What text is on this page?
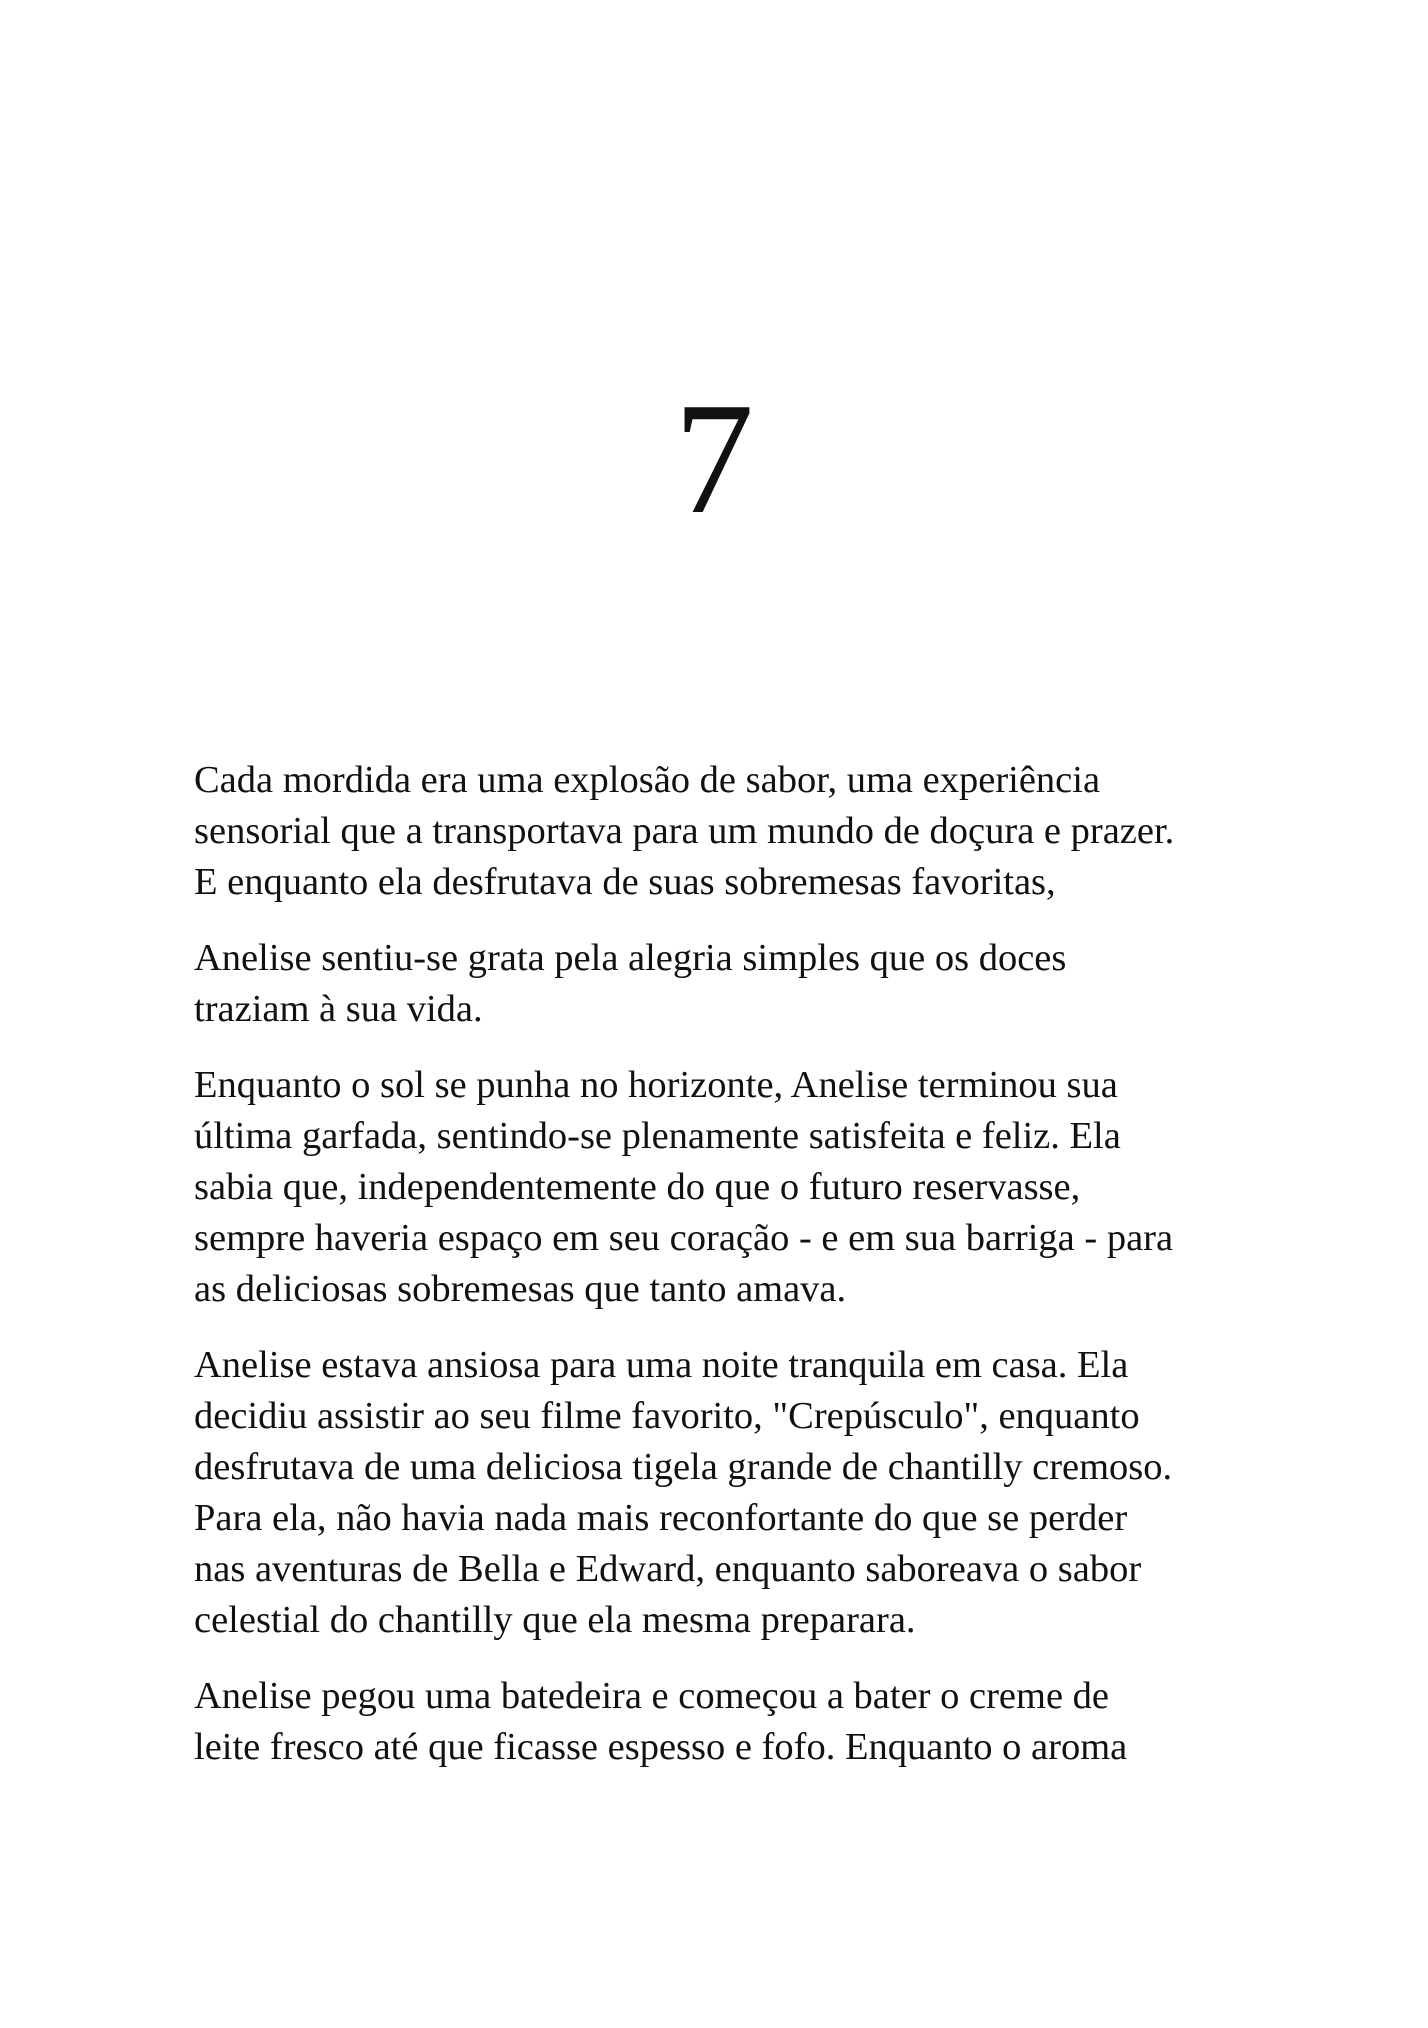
7

Cada mordida era uma explosão de sabor, uma experiência
sensorial que a transportava para um mundo de doçura e prazer.
E enquanto ela desfrutava de suas sobremesas favoritas,

Anelise sentiu-se grata pela alegria simples que os doces
traziam à sua vida.

Enquanto o sol se punha no horizonte, Anelise terminou sua
última garfada, sentindo-se plenamente satisfeita e feliz. Ela
sabia que, independentemente do que o futuro reservasse,
sempre haveria espaço em seu coração - e em sua barriga - para
as deliciosas sobremesas que tanto amava.

Anelise estava ansiosa para uma noite tranquila em casa. Ela
decidiu assistir ao seu filme favorito, "Crepúsculo", enquanto
desfrutava de uma deliciosa tigela grande de chantilly cremoso.
Para ela, não havia nada mais reconfortante do que se perder
nas aventuras de Bella e Edward, enquanto saboreava o sabor
celestial do chantilly que ela mesma preparara.

Anelise pegou uma batedeira e começou a bater o creme de
leite fresco até que ficasse espesso e fofo. Enquanto o aroma
